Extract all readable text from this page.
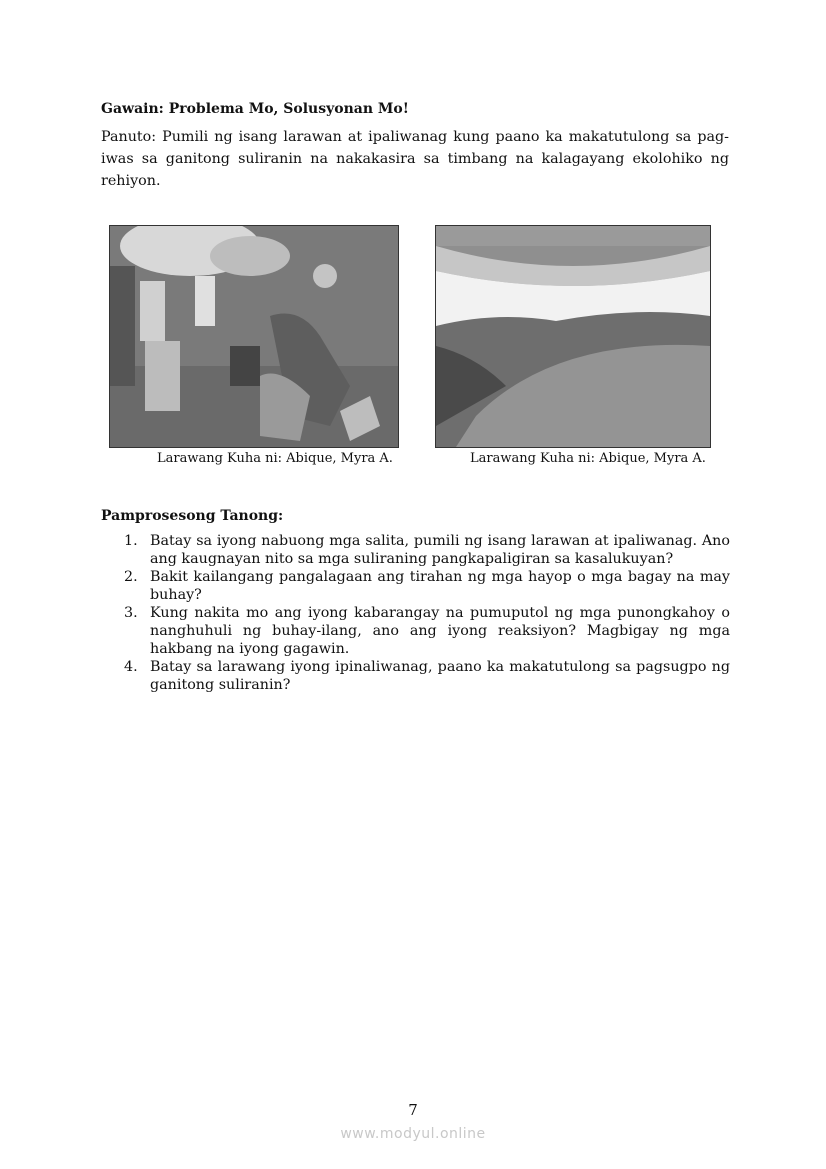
Gawain: Problema Mo, Solusyonan Mo!
Panuto: Pumili ng isang larawan at ipaliwanag kung paano ka makatutulong sa pag-iwas sa ganitong suliranin na nakakasira sa timbang na kalagayang ekolohiko ng rehiyon.
Larawang Kuha ni: Abique, Myra A.	Larawang Kuha ni: Abique, Myra A.
Pamprosesong Tanong:
1. Batay sa iyong nabuong mga salita, pumili ng isang larawan at ipaliwanag. Ano ang kaugnayan nito sa mga suliraning pangkapaligiran sa kasalukuyan?
2. Bakit kailangang pangalagaan ang tirahan ng mga hayop o mga bagay na may buhay?
3. Kung nakita mo ang iyong kabarangay na pumuputol ng mga punongkahoy o nanghuhuli ng buhay-ilang, ano ang iyong reaksiyon? Magbigay ng mga hakbang na iyong gagawin.
4. Batay sa larawang iyong ipinaliwanag, paano ka makatutulong sa pagsugpo ng ganitong suliranin?
7
www.modyul.online
